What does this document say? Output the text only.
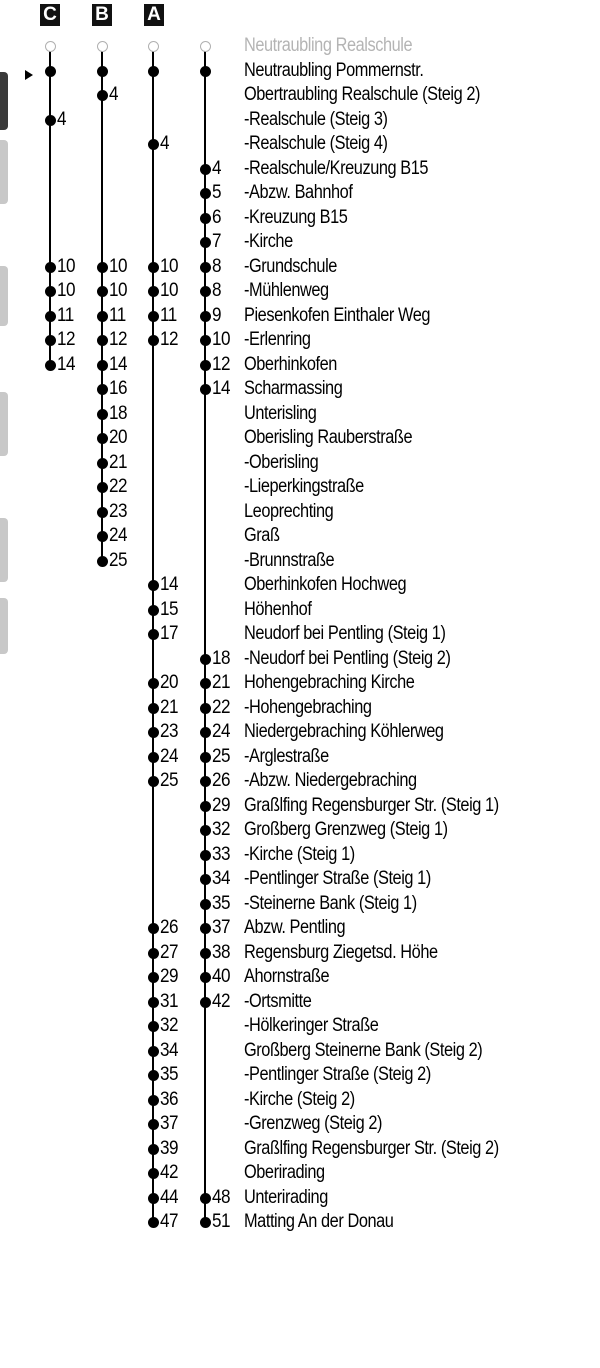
C B A
Neutraubling Realschule
Neutraubling Pommernstr.
Obertraubling Realschule (Steig 2)
4
-Realschule (Steig 3)
4
-Realschule (Steig 4)
4
-Realschule/Kreuzung B15
4
-Abzw. Bahnhof
5
-Kreuzung B15
6
-Kirche
7
-Grundschule
10 10 10 8
-Mühlenweg
10 10 10 8
Piesenkofen Einthaler Weg
11 11 11 9
-Erlenring
12 12 12 10
Oberhinkofen
14 14	12
Scharmassing
16	14
Unterisling
18
Oberisling Rauberstraße
20
-Oberisling
21
-Lieperkingstraße
22
Leoprechting
23
Graß
24
-Brunnstraße
25
Oberhinkofen Hochweg
14
Höhenhof
15
Neudorf bei Pentling (Steig 1)
17
-Neudorf bei Pentling (Steig 2)
18
Hohengebraching Kirche
20 21
-Hohengebraching
21 22
Niedergebraching Köhlerweg
23 24
-Arglestraße
24 25
-Abzw. Niedergebraching
25 26
Graßlfing Regensburger Str. (Steig 1)
29
Großberg Grenzweg (Steig 1)
32
-Kirche (Steig 1)
33
-Pentlinger Straße (Steig 1)
34
-Steinerne Bank (Steig 1)
35
Abzw. Pentling
26 37
Regensburg Ziegetsd. Höhe
27 38
Ahornstraße
29 40
-Ortsmitte
31 42
-Hölkeringer Straße
32
Großberg Steinerne Bank (Steig 2)
34
-Pentlinger Straße (Steig 2)
35
-Kirche (Steig 2)
36
-Grenzweg (Steig 2)
37
Graßlfing Regensburger Str. (Steig 2)
39
Oberirading
42
Unterirading
44 48
Matting An der Donau
47 51
